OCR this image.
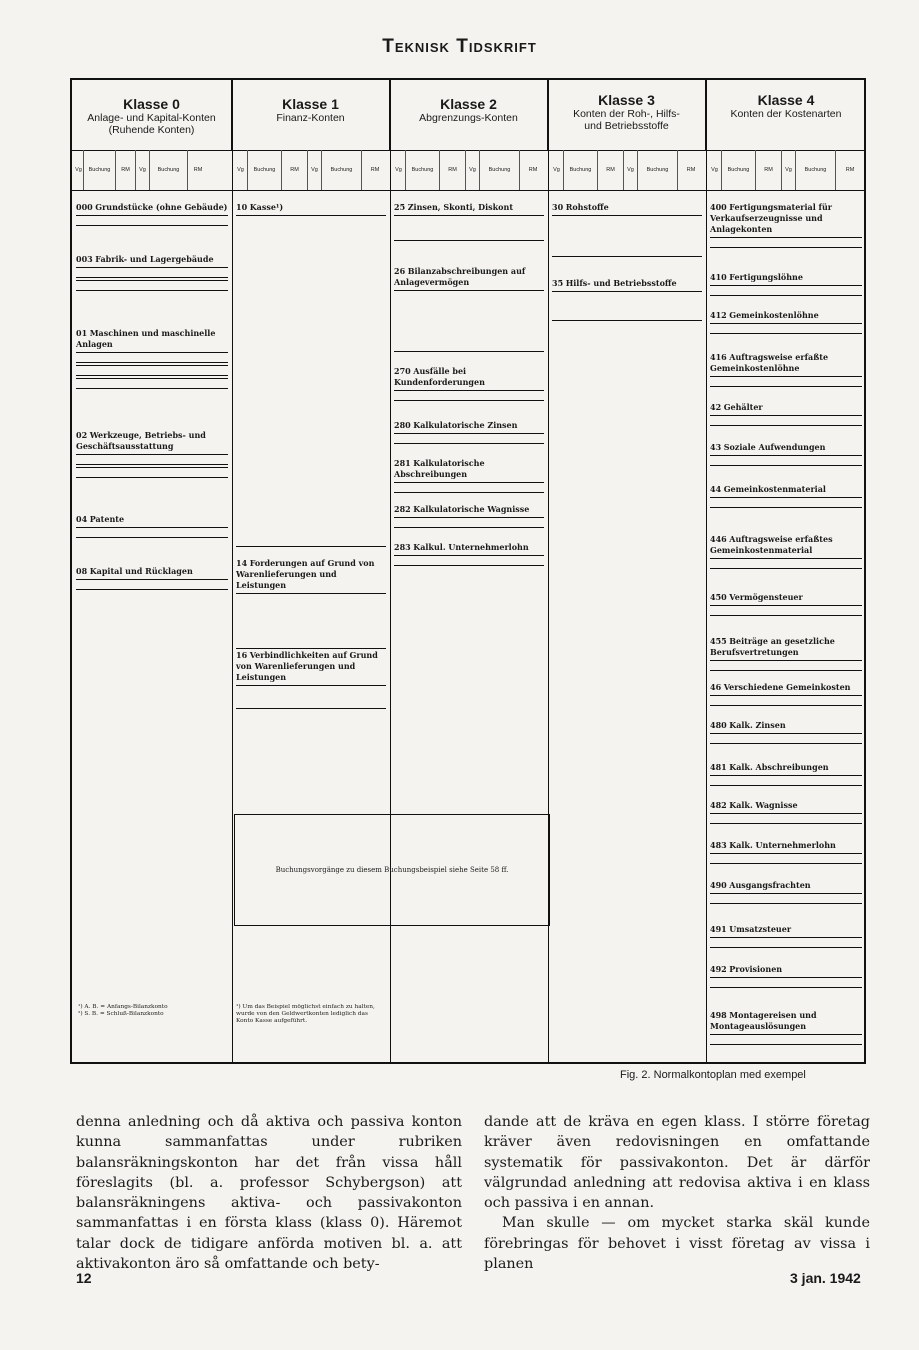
Teknisk Tidskrift
Klasse 0
Anlage- und Kapital-Konten (Ruhende Konten)
Klasse 1
Finanz-Konten
Klasse 2
Abgrenzungs-Konten
Klasse 3
Konten der Roh-, Hilfs- und Betriebsstoffe
Klasse 4
Konten der Kostenarten
Vg	Buchung	RM	Vg	Buchung	RM	Vg	Buchung	RM	Vg	Buchung	RM	Vg	Buchung	RM	Vg	Buchung	RM	Vg	Buchung	RM	Vg	Buchung	RM	Vg	Buchung	RM	Vg	Buchung	RM
000 Grundstücke (ohne Gebäude)
003 Fabrik- und Lagergebäude
01 Maschinen und maschinelle Anlagen
02 Werkzeuge, Betriebs- und Geschäftsausstattung
04 Patente
08 Kapital und Rücklagen
10 Kasse¹)
14 Forderungen auf Grund von Warenlieferungen und Leistungen
16 Verbindlichkeiten auf Grund von Warenlieferungen und Leistungen
25 Zinsen, Skonti, Diskont
26 Bilanzabschreibungen auf Anlagevermögen
270 Ausfälle bei Kundenforderungen
280 Kalkulatorische Zinsen
281 Kalkulatorische Abschreibungen
282 Kalkulatorische Wagnisse
283 Kalkul. Unternehmerlohn
30 Rohstoffe
35 Hilfs- und Betriebsstoffe
400 Fertigungsmaterial für Verkaufserzeugnisse und Anlagekonten
410 Fertigungslöhne
412 Gemeinkostenlöhne
416 Auftragsweise erfaßte Gemeinkostenlöhne
42 Gehälter
43 Soziale Aufwendungen
44 Gemeinkostenmaterial
446 Auftragsweise erfaßtes Gemeinkostenmaterial
450 Vermögensteuer
455 Beiträge an gesetzliche Berufsvertretungen
46 Verschiedene Gemeinkosten
480 Kalk. Zinsen
481 Kalk. Abschreibungen
482 Kalk. Wagnisse
483 Kalk. Unternehmerlohn
490 Ausgangsfrachten
491 Umsatzsteuer
492 Provisionen
498 Montagereisen und Montageauslösungen
Buchungsvorgänge zu diesem Buchungsbeispiel siehe Seite 58 ff.
¹) A. B. = Anfangs-Bilanzkonto
²) S. B. = Schluß-Bilanzkonto
¹) Um das Beispiel möglichst einfach zu halten, wurde von den Geldwertkonten lediglich das Konto Kasse aufgeführt.
Fig. 2. Normalkontoplan med exempel

denna anledning och då aktiva och passiva konton kunna sammanfattas under rubriken balansräkningskonton har det från vissa håll föreslagits (bl. a. professor Schybergson) att balansräkningens aktiva- och passivakonton sammanfattas i en första klass (klass 0). Häremot talar dock de tidigare anförda motiven bl. a. att aktivakonton äro så omfattande och bety-

dande att de kräva en egen klass. I större företag kräver även redovisningen en omfattande systematik för passivakonton. Det är därför välgrundad anledning att redovisa aktiva i en klass och passiva i en annan.

Man skulle — om mycket starka skäl kunde förebringas för behovet i visst företag av vissa i planen

12	3 jan. 1942
